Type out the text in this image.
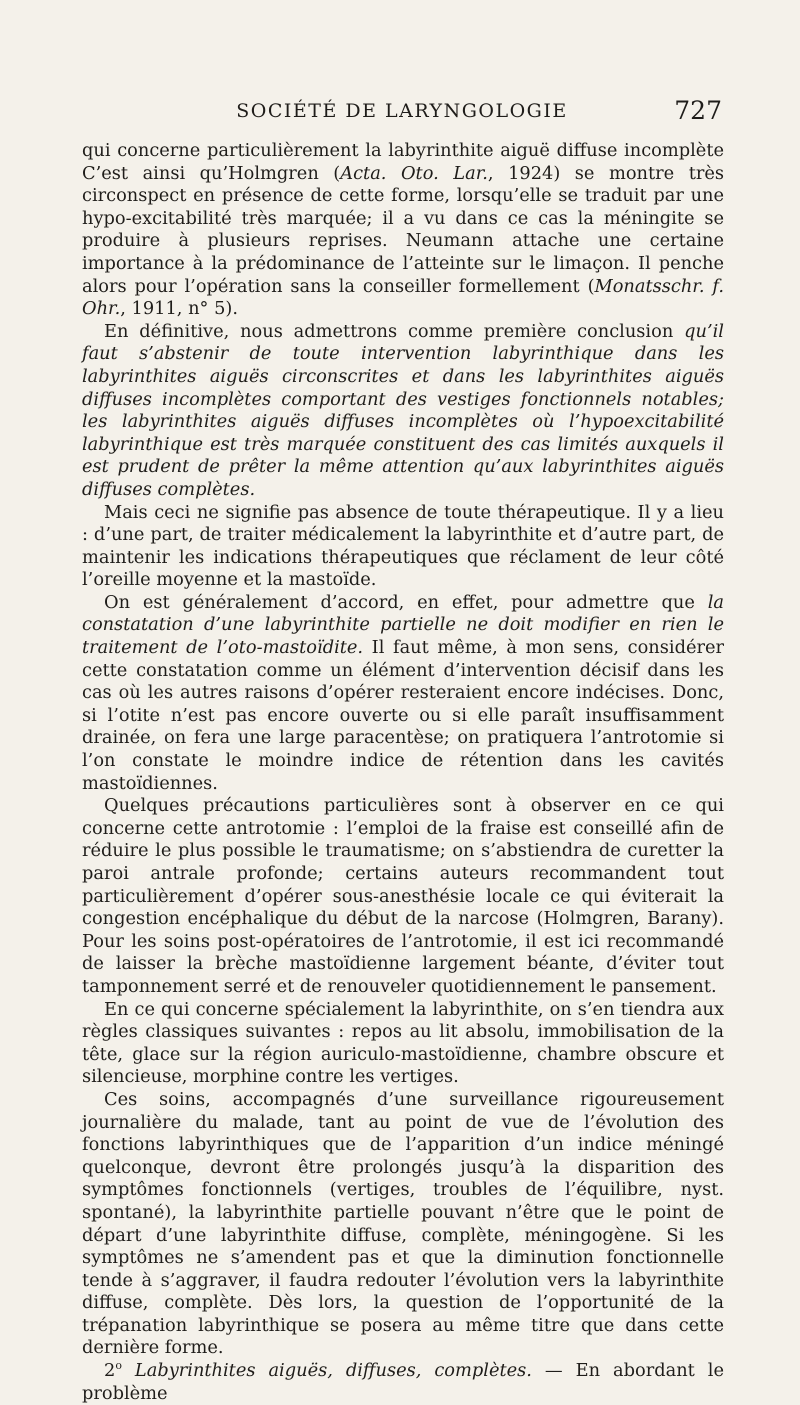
SOCIÉTÉ DE LARYNGOLOGIE	727

qui concerne particulièrement la labyrinthite aiguë diffuse incomplète C’est ainsi qu’Holmgren (Acta. Oto. Lar., 1924) se montre très circonspect en présence de cette forme, lorsqu’elle se traduit par une hypo-excitabilité très marquée; il a vu dans ce cas la méningite se produire à plusieurs reprises. Neumann attache une certaine importance à la prédominance de l’atteinte sur le limaçon. Il penche alors pour l’opération sans la conseiller formellement (Monatsschr. f. Ohr., 1911, n° 5).

En définitive, nous admettrons comme première conclusion qu’il faut s’abstenir de toute intervention labyrinthique dans les labyrinthites aiguës circonscrites et dans les labyrinthites aiguës diffuses incomplètes comportant des vestiges fonctionnels notables; les labyrinthites aiguës diffuses incomplètes où l’hypoexcitabilité labyrinthique est très marquée constituent des cas limités auxquels il est prudent de prêter la même attention qu’aux labyrinthites aiguës diffuses complètes.

Mais ceci ne signifie pas absence de toute thérapeutique. Il y a lieu : d’une part, de traiter médicalement la labyrinthite et d’autre part, de maintenir les indications thérapeutiques que réclament de leur côté l’oreille moyenne et la mastoïde.

On est généralement d’accord, en effet, pour admettre que la constatation d’une labyrinthite partielle ne doit modifier en rien le traitement de l’oto-mastoïdite. Il faut même, à mon sens, considérer cette constatation comme un élément d’intervention décisif dans les cas où les autres raisons d’opérer resteraient encore indécises. Donc, si l’otite n’est pas encore ouverte ou si elle paraît insuffisamment drainée, on fera une large paracentèse; on pratiquera l’antrotomie si l’on constate le moindre indice de rétention dans les cavités mastoïdiennes.

Quelques précautions particulières sont à observer en ce qui concerne cette antrotomie : l’emploi de la fraise est conseillé afin de réduire le plus possible le traumatisme; on s’abstiendra de curetter la paroi antrale profonde; certains auteurs recommandent tout particulièrement d’opérer sous-anesthésie locale ce qui éviterait la congestion encéphalique du début de la narcose (Holmgren, Barany). Pour les soins post-opératoires de l’antrotomie, il est ici recommandé de laisser la brèche mastoïdienne largement béante, d’éviter tout tamponnement serré et de renouveler quotidiennement le pansement.

En ce qui concerne spécialement la labyrinthite, on s’en tiendra aux règles classiques suivantes : repos au lit absolu, immobilisation de la tête, glace sur la région auriculo-mastoïdienne, chambre obscure et silencieuse, morphine contre les vertiges.

Ces soins, accompagnés d’une surveillance rigoureusement journalière du malade, tant au point de vue de l’évolution des fonctions labyrinthiques que de l’apparition d’un indice méningé quelconque, devront être prolongés jusqu’à la disparition des symptômes fonctionnels (vertiges, troubles de l’équilibre, nyst. spontané), la labyrinthite partielle pouvant n’être que le point de départ d’une labyrinthite diffuse, complète, méningogène. Si les symptômes ne s’amendent pas et que la diminution fonctionnelle tende à s’aggraver, il faudra redouter l’évolution vers la labyrinthite diffuse, complète. Dès lors, la question de l’opportunité de la trépanation labyrinthique se posera au même titre que dans cette dernière forme.

2$^o$ Labyrinthites aiguës, diffuses, complètes. — En abordant le problème
